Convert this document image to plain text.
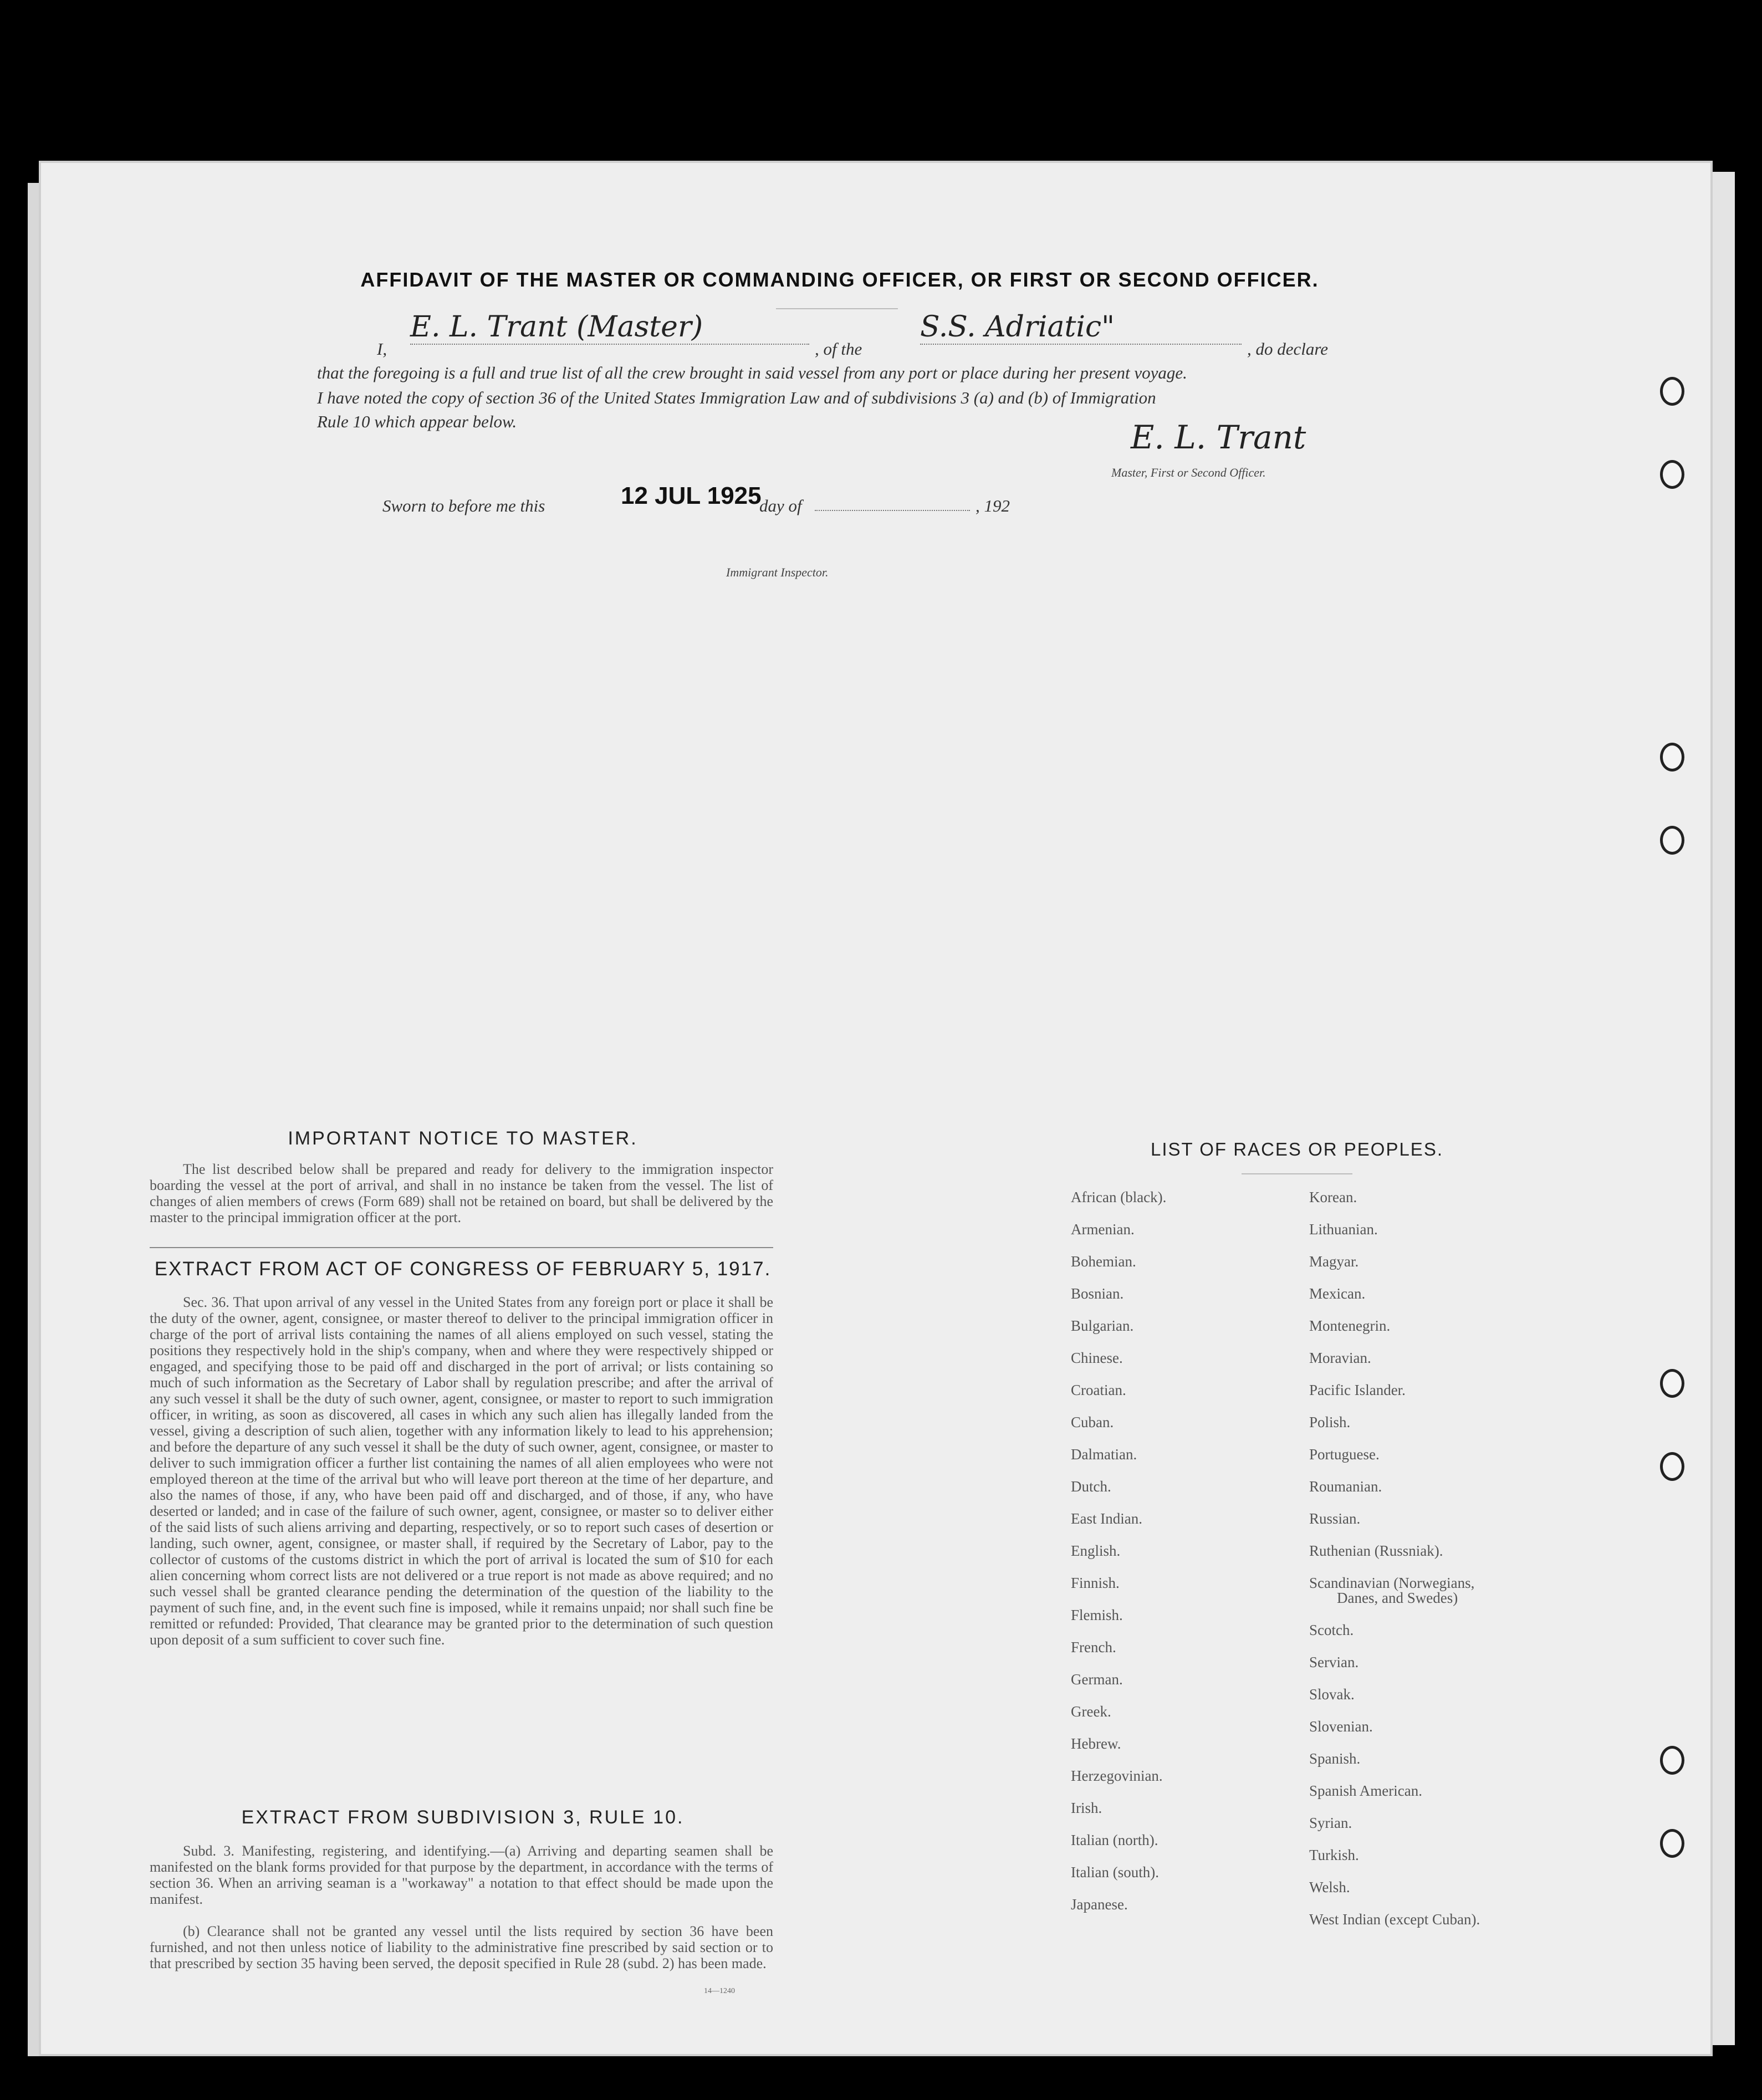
AFFIDAVIT OF THE MASTER OR COMMANDING OFFICER, OR FIRST OR SECOND OFFICER.
I,
E. L. Trant (Master)
, of the
S.S. Adriatic"
, do declare
that the foregoing is a full and true list of all the crew brought in said vessel from any port or place during her present voyage.
I have noted the copy of section 36 of the United States Immigration Law and of subdivisions 3 (a) and (b) of Immigration
Rule 10 which appear below.	E. L. Trant
Master, First or Second Officer.
Sworn to before me this	12 JUL 1925
day of	, 192
Immigrant Inspector.
IMPORTANT NOTICE TO MASTER.
The list described below shall be prepared and ready for delivery to the immigration inspector boarding the vessel at the port of arrival, and shall in no instance be taken from the vessel. The list of changes of alien members of crews (Form 689) shall not be retained on board, but shall be delivered by the master to the principal immigration officer at the port.
EXTRACT FROM ACT OF CONGRESS OF FEBRUARY 5, 1917.
Sec. 36. That upon arrival of any vessel in the United States from any foreign port or place it shall be the duty of the owner, agent, consignee, or master thereof to deliver to the principal immigration officer in charge of the port of arrival lists containing the names of all aliens employed on such vessel, stating the positions they respectively hold in the ship's company, when and where they were respectively shipped or engaged, and specifying those to be paid off and discharged in the port of arrival; or lists containing so much of such information as the Secretary of Labor shall by regulation prescribe; and after the arrival of any such vessel it shall be the duty of such owner, agent, consignee, or master to report to such immigration officer, in writing, as soon as discovered, all cases in which any such alien has illegally landed from the vessel, giving a description of such alien, together with any information likely to lead to his apprehension; and before the departure of any such vessel it shall be the duty of such owner, agent, consignee, or master to deliver to such immigration officer a further list containing the names of all alien employees who were not employed thereon at the time of the arrival but who will leave port thereon at the time of her departure, and also the names of those, if any, who have been paid off and discharged, and of those, if any, who have deserted or landed; and in case of the failure of such owner, agent, consignee, or master so to deliver either of the said lists of such aliens arriving and departing, respectively, or so to report such cases of desertion or landing, such owner, agent, consignee, or master shall, if required by the Secretary of Labor, pay to the collector of customs of the customs district in which the port of arrival is located the sum of $10 for each alien concerning whom correct lists are not delivered or a true report is not made as above required; and no such vessel shall be granted clearance pending the determination of the question of the liability to the payment of such fine, and, in the event such fine is imposed, while it remains unpaid; nor shall such fine be remitted or refunded: Provided, That clearance may be granted prior to the determination of such question upon deposit of a sum sufficient to cover such fine.
EXTRACT FROM SUBDIVISION 3, RULE 10.
Subd. 3. Manifesting, registering, and identifying.—(a) Arriving and departing seamen shall be manifested on the blank forms provided for that purpose by the department, in accordance with the terms of section 36. When an arriving seaman is a "workaway" a notation to that effect should be made upon the manifest.
(b) Clearance shall not be granted any vessel until the lists required by section 36 have been furnished, and not then unless notice of liability to the administrative fine prescribed by said section or to that prescribed by section 35 having been served, the deposit specified in Rule 28 (subd. 2) has been made.
14—1240
LIST OF RACES OR PEOPLES.
African (black).
Armenian.
Bohemian.
Bosnian.
Bulgarian.
Chinese.
Croatian.
Cuban.
Dalmatian.
Dutch.
East Indian.
English.
Finnish.
Flemish.
French.
German.
Greek.
Hebrew.
Herzegovinian.
Irish.
Italian (north).
Italian (south).
Japanese.
Korean.
Lithuanian.
Magyar.
Mexican.
Montenegrin.
Moravian.
Pacific Islander.
Polish.
Portuguese.
Roumanian.
Russian.
Ruthenian (Russniak).
Scandinavian (Norwegians,
Danes, and Swedes)
Scotch.
Servian.
Slovak.
Slovenian.
Spanish.
Spanish American.
Syrian.
Turkish.
Welsh.
West Indian (except Cuban).
